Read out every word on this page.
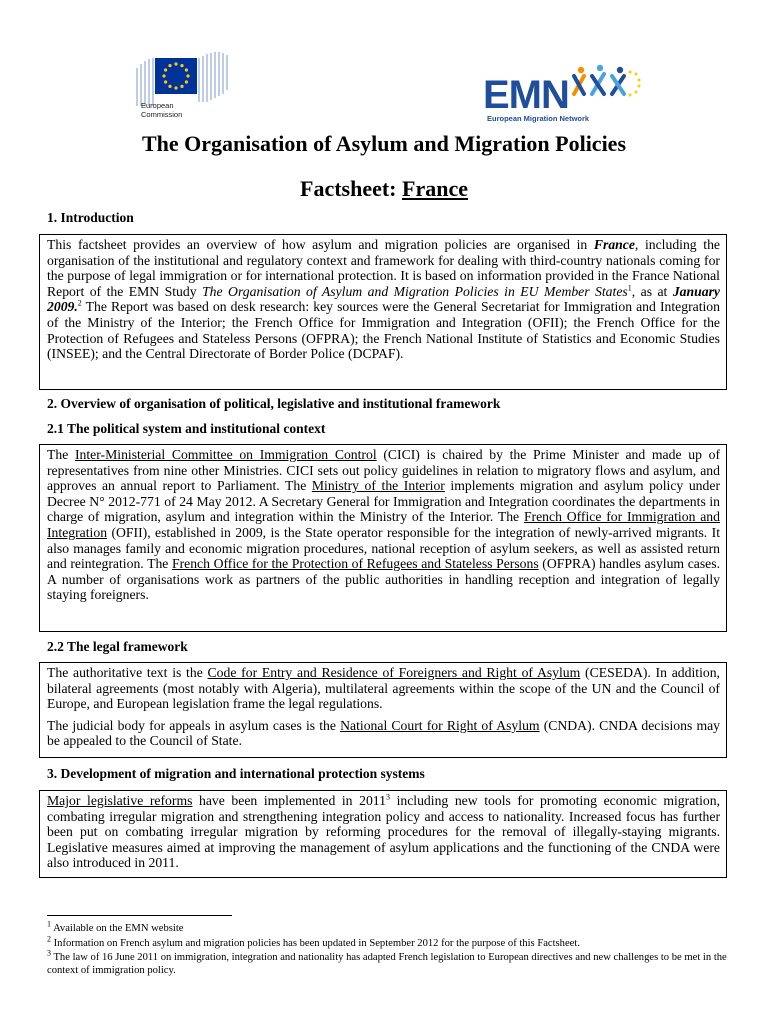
European
Commission	EMN
European Migration Network
The Organisation of Asylum and Migration Policies
Factsheet: France
1. Introduction

This factsheet provides an overview of how asylum and migration policies are organised in France, including the organisation of the institutional and regulatory context and framework for dealing with third-country nationals coming for the purpose of legal immigration or for international protection. It is based on information provided in the France National Report of the EMN Study The Organisation of Asylum and Migration Policies in EU Member States$^1$, as at January 2009.$^2$ The Report was based on desk research: key sources were the General Secretariat for Immigration and Integration of the Ministry of the Interior; the French Office for Immigration and Integration (OFII); the French Office for the Protection of Refugees and Stateless Persons (OFPRA); the French National Institute of Statistics and Economic Studies (INSEE); and the Central Directorate of Border Police (DCPAF).

2. Overview of organisation of political, legislative and institutional framework
2.1 The political system and institutional context

The Inter-Ministerial Committee on Immigration Control (CICI) is chaired by the Prime Minister and made up of representatives from nine other Ministries. CICI sets out policy guidelines in relation to migratory flows and asylum, and approves an annual report to Parliament. The Ministry of the Interior implements migration and asylum policy under Decree N° 2012-771 of 24 May 2012. A Secretary General for Immigration and Integration coordinates the departments in charge of migration, asylum and integration within the Ministry of the Interior. The French Office for Immigration and Integration (OFII), established in 2009, is the State operator responsible for the integration of newly-arrived migrants. It also manages family and economic migration procedures, national reception of asylum seekers, as well as assisted return and reintegration. The French Office for the Protection of Refugees and Stateless Persons (OFPRA) handles asylum cases. A number of organisations work as partners of the public authorities in handling reception and integration of legally staying foreigners.

2.2 The legal framework

The authoritative text is the Code for Entry and Residence of Foreigners and Right of Asylum (CESEDA). In addition, bilateral agreements (most notably with Algeria), multilateral agreements within the scope of the UN and the Council of Europe, and European legislation frame the legal regulations.

The judicial body for appeals in asylum cases is the National Court for Right of Asylum (CNDA). CNDA decisions may be appealed to the Council of State.

3. Development of migration and international protection systems

Major legislative reforms have been implemented in 2011$^3$ including new tools for promoting economic migration, combating irregular migration and strengthening integration policy and access to nationality. Increased focus has further been put on combating irregular migration by reforming procedures for the removal of illegally-staying migrants. Legislative measures aimed at improving the management of asylum applications and the functioning of the CNDA were also introduced in 2011.

$^1$ Available on the EMN website
$^2$ Information on French asylum and migration policies has been updated in September 2012 for the purpose of this Factsheet.
$^3$ The law of 16 June 2011 on immigration, integration and nationality has adapted French legislation to European directives and new challenges to be met in the context of immigration policy.
